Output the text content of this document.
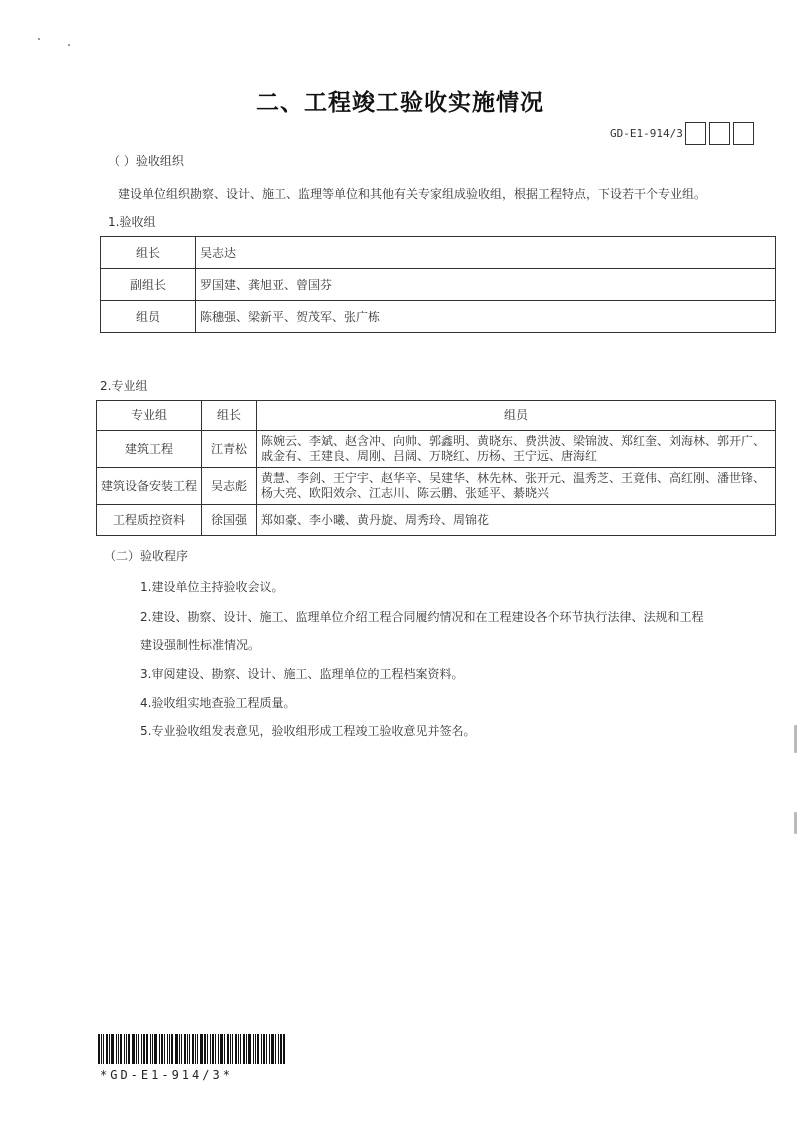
二、工程竣工验收实施情况
GD-E1-914/3
（ ）验收组织
建设单位组织勘察、设计、施工、监理等单位和其他有关专家组成验收组，根据工程特点，下设若干个专业组。
1.验收组
组长	吴志达
副组长	罗国建、龚旭亚、曾国芬
组员	陈穗强、梁新平、贺茂军、张广栋
2.专业组
专业组	组长	组员
建筑工程	江青松	陈婉云、李斌、赵含冲、向帅、郭鑫明、黄晓东、费洪波、梁锦波、郑红奎、刘海林、郭开广、戚金有、王建良、周刚、吕阔、万晓红、历杨、王宁远、唐海红
建筑设备安装工程	吴志彪	黄慧、李剑、王宁宇、赵华辛、吴建华、林先林、张开元、温秀芝、王竟伟、高红刚、潘世锋、杨大亮、欧阳效佘、江志川、陈云鹏、张延平、綦晓兴
工程质控资料	徐国强	郑如豪、李小曦、黄丹旋、周秀玲、周锦花
（二）验收程序
1.建设单位主持验收会议。
2.建设、勘察、设计、施工、监理单位介绍工程合同履约情况和在工程建设各个环节执行法律、法规和工程
建设强制性标准情况。
3.审阅建设、勘察、设计、施工、监理单位的工程档案资料。
4.验收组实地查验工程质量。
5.专业验收组发表意见，验收组形成工程竣工验收意见并签名。
*GD-E1-914/3*
